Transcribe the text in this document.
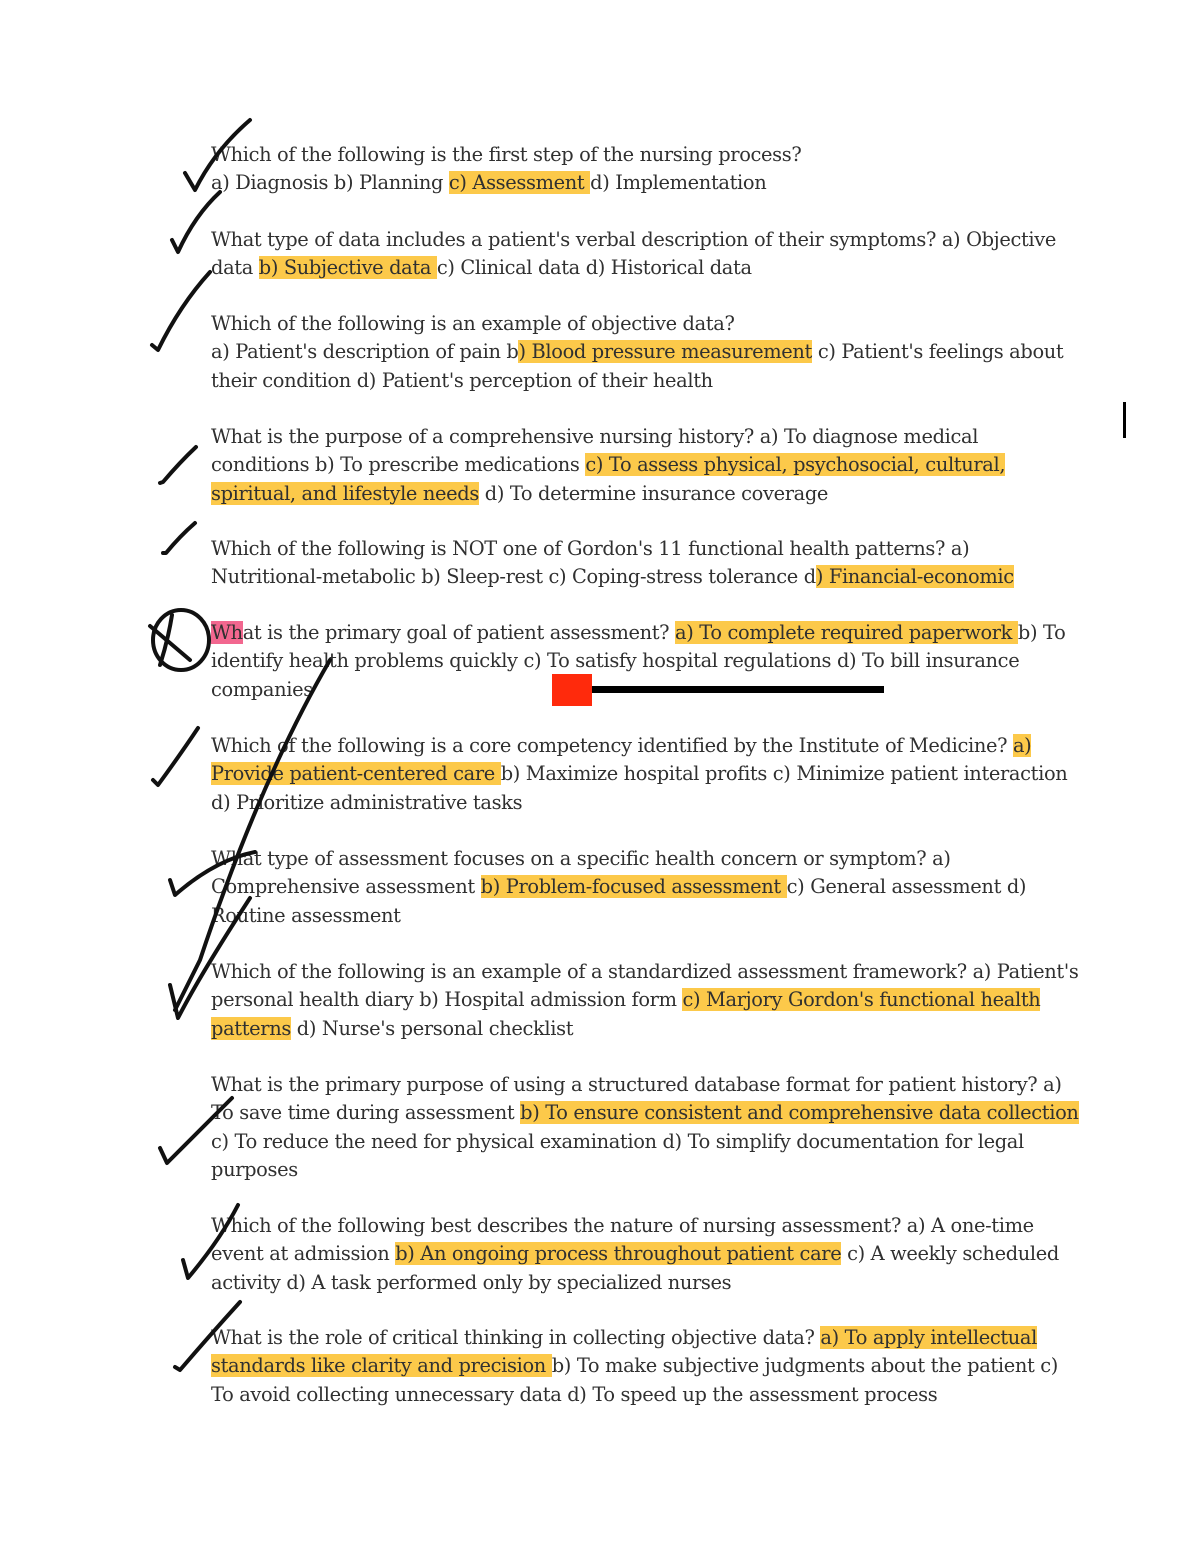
Which of the following is the first step of the nursing process?
a) Diagnosis b) Planning c) Assessment d) Implementation
What type of data includes a patient's verbal description of their symptoms? a) Objective data b) Subjective data c) Clinical data d) Historical data
Which of the following is an example of objective data?
a) Patient's description of pain b) Blood pressure measurement c) Patient's feelings about their condition d) Patient's perception of their health
What is the purpose of a comprehensive nursing history? a) To diagnose medical conditions b) To prescribe medications c) To assess physical, psychosocial, cultural, spiritual, and lifestyle needs d) To determine insurance coverage
Which of the following is NOT one of Gordon's 11 functional health patterns? a) Nutritional-metabolic b) Sleep-rest c) Coping-stress tolerance d) Financial-economic
What is the primary goal of patient assessment? a) To complete required paperwork b) To identify health problems quickly c) To satisfy hospital regulations d) To bill insurance companies
Which of the following is a core competency identified by the Institute of Medicine? a) Provide patient-centered care b) Maximize hospital profits c) Minimize patient interaction d) Prioritize administrative tasks
What type of assessment focuses on a specific health concern or symptom? a) Comprehensive assessment b) Problem-focused assessment c) General assessment d) Routine assessment
Which of the following is an example of a standardized assessment framework? a) Patient's personal health diary b) Hospital admission form c) Marjory Gordon's functional health patterns d) Nurse's personal checklist
What is the primary purpose of using a structured database format for patient history? a) To save time during assessment b) To ensure consistent and comprehensive data collection c) To reduce the need for physical examination d) To simplify documentation for legal purposes
Which of the following best describes the nature of nursing assessment? a) A one-time event at admission b) An ongoing process throughout patient care c) A weekly scheduled activity d) A task performed only by specialized nurses
What is the role of critical thinking in collecting objective data? a) To apply intellectual standards like clarity and precision b) To make subjective judgments about the patient c) To avoid collecting unnecessary data d) To speed up the assessment process
